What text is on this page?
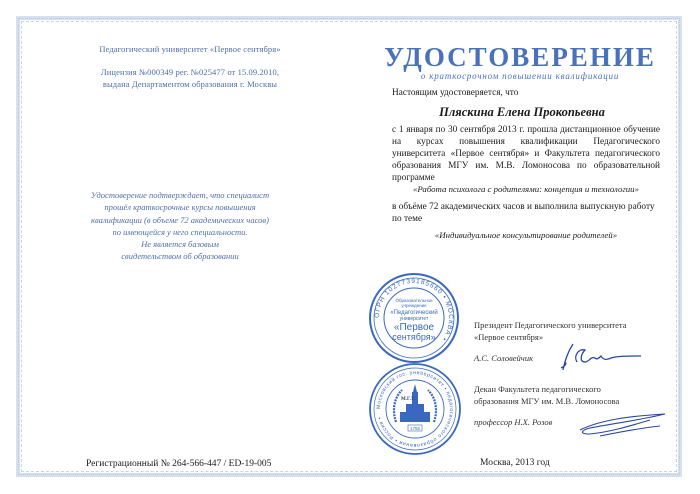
Педагогический университет «Первое сентября»
Лицензия №000349 рег. №025477 от 15.09.2010,
выдана Департаментом образования г. Москвы
Удостоверение подтверждает, что специалист
прошёл краткосрочные курсы повышения
квалификации (в объеме 72 академических часов)
по имеющейся у него специальности.
Не является базовым
свидетельством об образовании
Регистрационный № 264-566-447 / ED-19-005
УДОСТОВЕРЕНИЕ
о краткосрочном повышении квалификации
Настоящим удостоверяется, что
Пляскина Елена Прокопьевна
с 1 января по 30 сентября 2013 г. прошла дистанционное обучение на курсах повышения квалификации Педагогического университета «Первое сентября» и Факультета педагогического образования МГУ им. М.В. Ломоносова по образовательной программе
«Работа психолога с родителями: концепция и технологии»
в объёме 72 академических часов и выполнила выпускную работу по теме
«Индивидуальное консультирование родителей»
Президент Педагогического университета
«Первое сентября»
А.С. Соловейчик
Декан Факультета педагогического
образования МГУ им. М.В. Ломоносова
профессор Н.Х. Розов
Москва, 2013 год
ОГРН 1027739185660 • МОСКВА •
Образовательное
учреждение
«Педагогический
университет
«Первое
сентября»
Московский гос. университет • педагогического образования • Россия •
М.Г.У.
1755
